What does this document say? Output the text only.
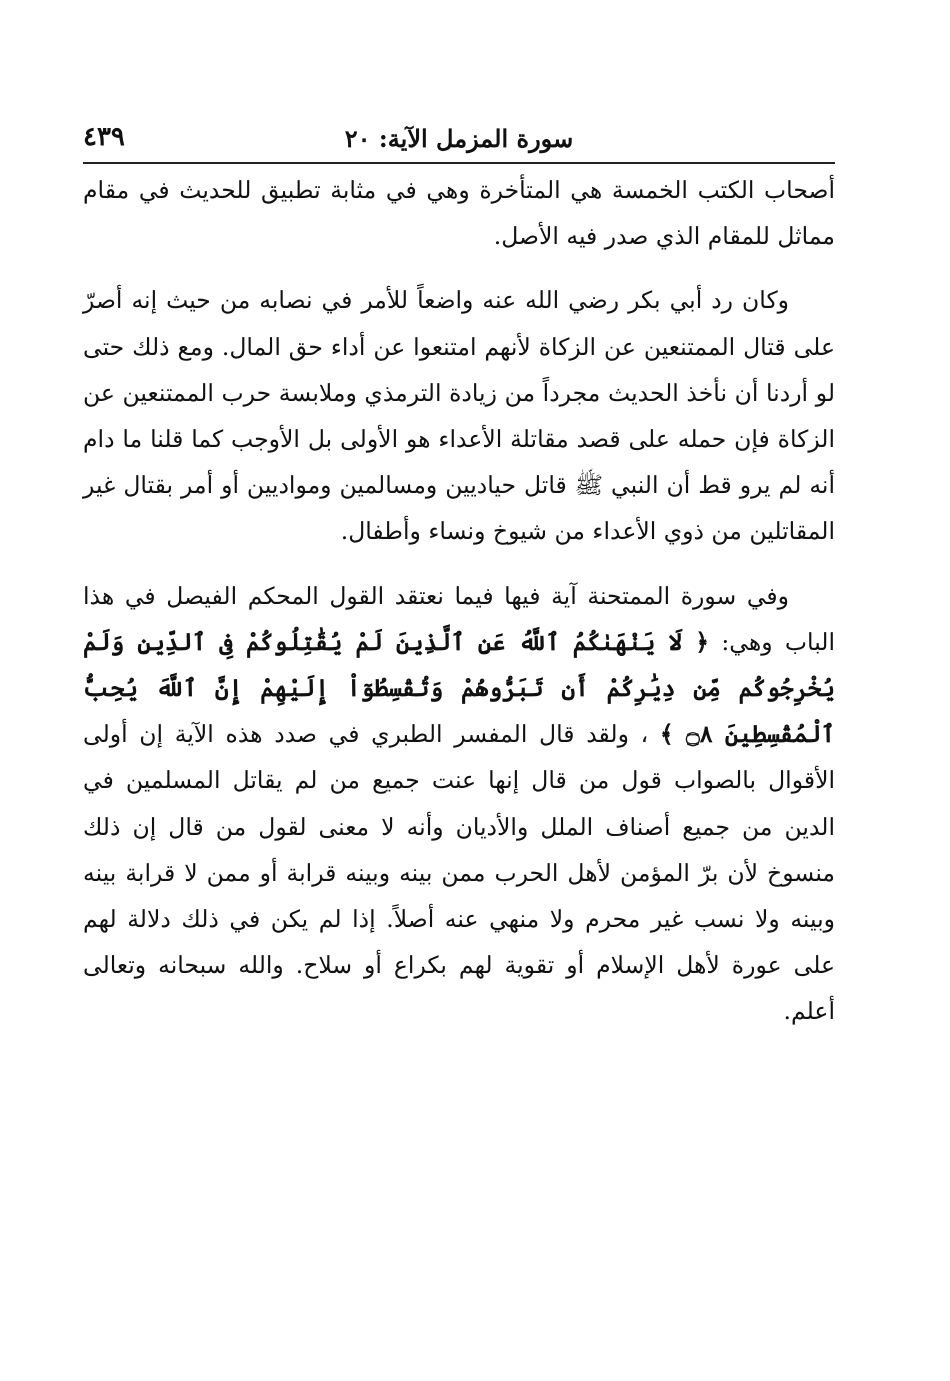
سورة المزمل الآية: ٢٠
٤٣٩

أصحاب الكتب الخمسة هي المتأخرة وهي في مثابة تطبيق للحديث في مقام مماثل للمقام الذي صدر فيه الأصل.

وكان رد أبي بكر رضي الله عنه واضعاً للأمر في نصابه من حيث إنه أصرّ على قتال الممتنعين عن الزكاة لأنهم امتنعوا عن أداء حق المال. ومع ذلك حتى لو أردنا أن نأخذ الحديث مجرداً من زيادة الترمذي وملابسة حرب الممتنعين عن الزكاة فإن حمله على قصد مقاتلة الأعداء هو الأولى بل الأوجب كما قلنا ما دام أنه لم يرو قط أن النبي ﷺ قاتل حياديين ومسالمين ومواديين أو أمر بقتال غير المقاتلين من ذوي الأعداء من شيوخ ونساء وأطفال.

وفي سورة الممتحنة آية فيها فيما نعتقد القول المحكم الفيصل في هذا الباب وهي: ﴿ لَا يَنْهَىٰكُمُ ٱللَّهُ عَنِ ٱلَّذِينَ لَمْ يُقَٰتِلُوكُمْ فِى ٱلدِّينِ وَلَمْ يُخْرِجُوكُم مِّن دِيَٰرِكُمْ أَن تَبَرُّوهُمْ وَتُقْسِطُوٓاْ إِلَيْهِمْ إِنَّ ٱللَّهَ يُحِبُّ ٱلْمُقْسِطِينَ ۝٨ ﴾ ، ولقد قال المفسر الطبري في صدد هذه الآية إن أولى الأقوال بالصواب قول من قال إنها عنت جميع من لم يقاتل المسلمين في الدين من جميع أصناف الملل والأديان وأنه لا معنى لقول من قال إن ذلك منسوخ لأن برّ المؤمن لأهل الحرب ممن بينه وبينه قرابة أو ممن لا قرابة بينه وبينه ولا نسب غير محرم ولا منهي عنه أصلاً. إذا لم يكن في ذلك دلالة لهم على عورة لأهل الإسلام أو تقوية لهم بكراع أو سلاح. والله سبحانه وتعالى أعلم.
